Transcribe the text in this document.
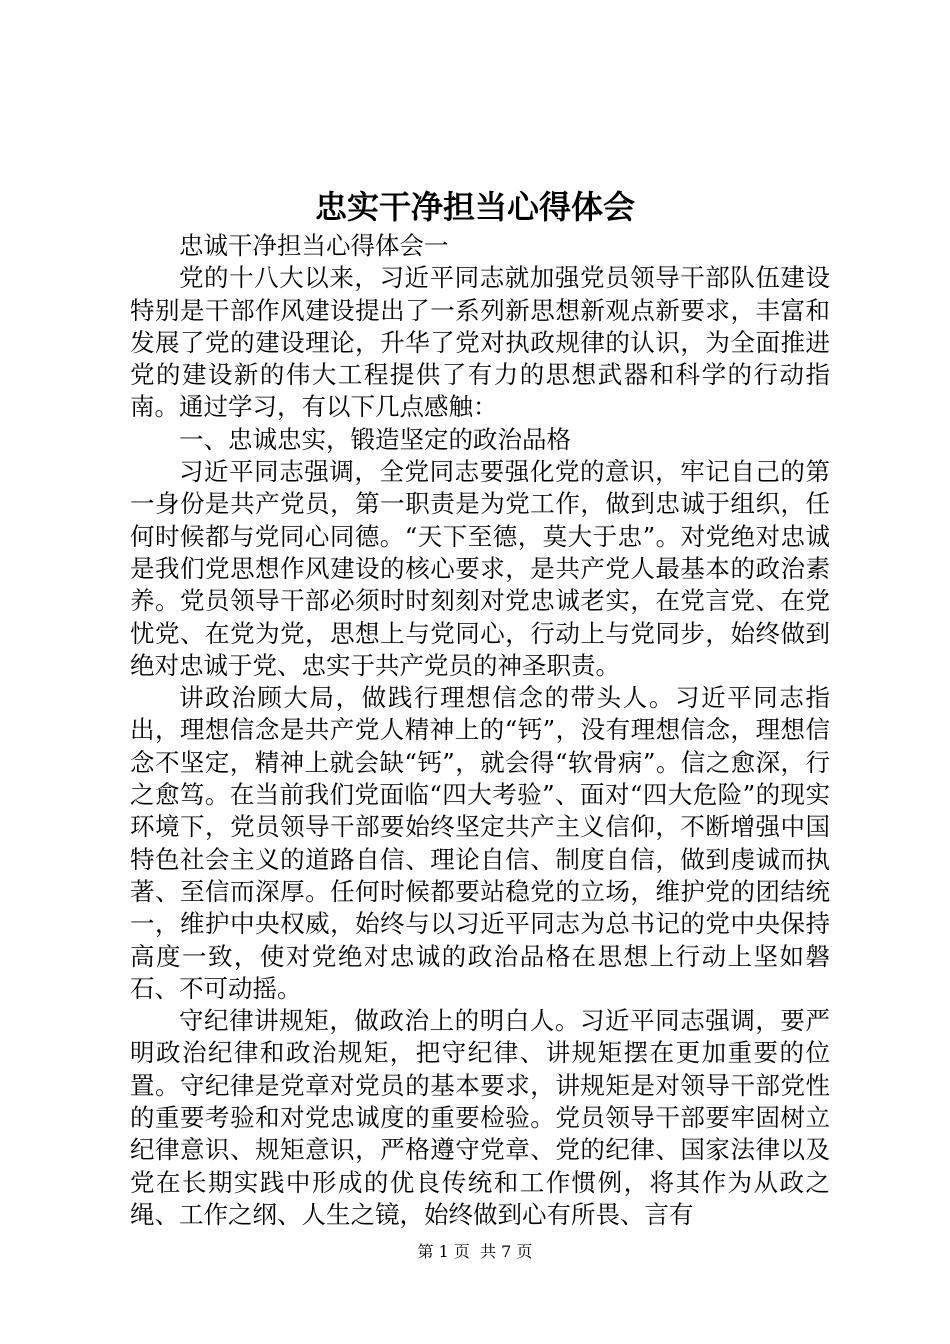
忠实干净担当心得体会

忠诚干净担当心得体会一

党的十八大以来，习近平同志就加强党员领导干部队伍建设特别是干部作风建设提出了一系列新思想新观点新要求，丰富和发展了党的建设理论，升华了党对执政规律的认识，为全面推进党的建设新的伟大工程提供了有力的思想武器和科学的行动指南。通过学习，有以下几点感触：

一、忠诚忠实，锻造坚定的政治品格

习近平同志强调，全党同志要强化党的意识，牢记自己的第一身份是共产党员，第一职责是为党工作，做到忠诚于组织，任何时候都与党同心同德。“天下至德，莫大于忠”。对党绝对忠诚是我们党思想作风建设的核心要求，是共产党人最基本的政治素养。党员领导干部必须时时刻刻对党忠诚老实，在党言党、在党忧党、在党为党，思想上与党同心，行动上与党同步，始终做到绝对忠诚于党、忠实于共产党员的神圣职责。

讲政治顾大局，做践行理想信念的带头人。习近平同志指出，理想信念是共产党人精神上的“钙”，没有理想信念，理想信念不坚定，精神上就会缺“钙”，就会得“软骨病”。信之愈深，行之愈笃。在当前我们党面临“四大考验”、面对“四大危险”的现实环境下，党员领导干部要始终坚定共产主义信仰，不断增强中国特色社会主义的道路自信、理论自信、制度自信，做到虔诚而执著、至信而深厚。任何时候都要站稳党的立场，维护党的团结统一，维护中央权威，始终与以习近平同志为总书记的党中央保持高度一致，使对党绝对忠诚的政治品格在思想上行动上坚如磐石、不可动摇。

守纪律讲规矩，做政治上的明白人。习近平同志强调，要严明政治纪律和政治规矩，把守纪律、讲规矩摆在更加重要的位置。守纪律是党章对党员的基本要求，讲规矩是对领导干部党性的重要考验和对党忠诚度的重要检验。党员领导干部要牢固树立纪律意识、规矩意识，严格遵守党章、党的纪律、国家法律以及党在长期实践中形成的优良传统和工作惯例，将其作为从政之绳、工作之纲、人生之镜，始终做到心有所畏、言有

第 1 页  共 7 页
